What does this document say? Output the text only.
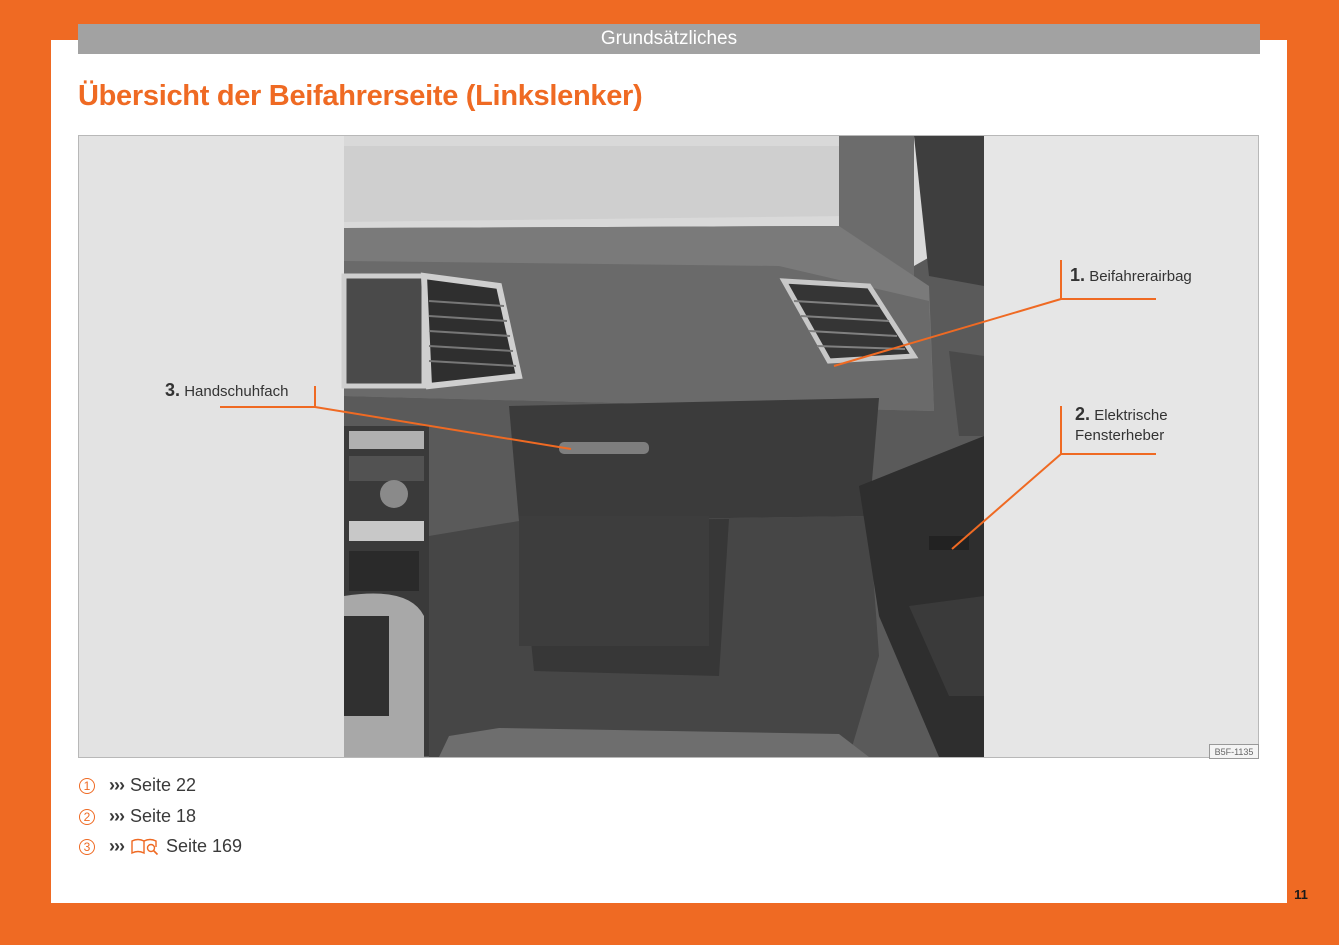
Grundsätzliches
Übersicht der Beifahrerseite (Linkslenker)
1. Beifahrerairbag
2. Elektrische
Fensterheber
3. Handschuhfach
B5F-1135
1 ››› Seite 22
2 ››› Seite 18
3 ››› Seite 169
11
